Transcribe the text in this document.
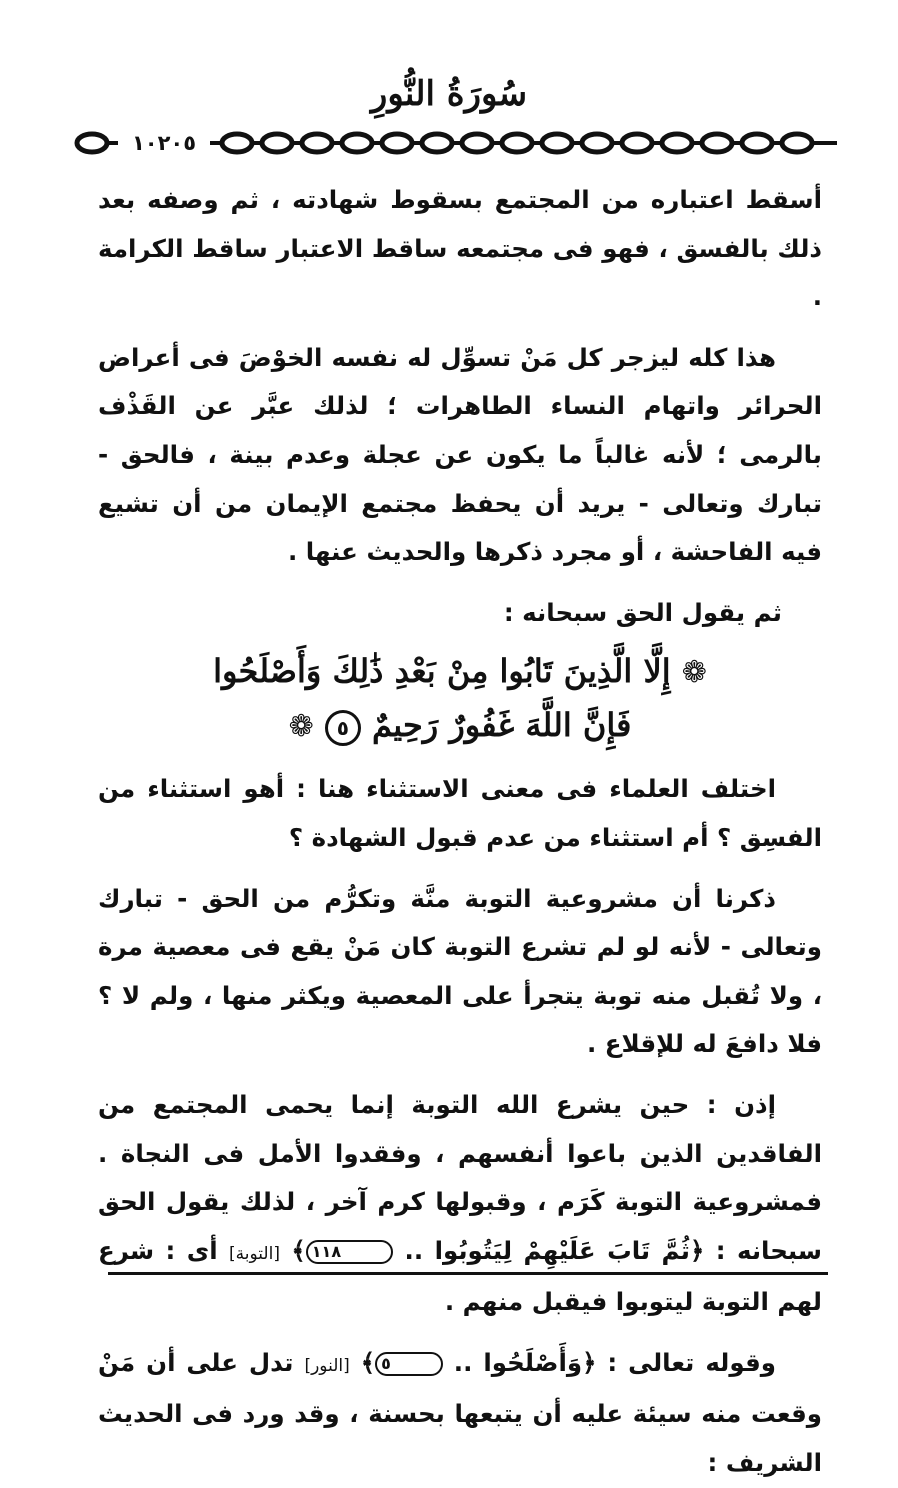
سُورَةُ النُّورِ
١٠٢٠٥

أسقط اعتباره من المجتمع بسقوط شهادته ، ثم وصفه بعد ذلك بالفسق ، فهو فى مجتمعه ساقط الاعتبار ساقط الكرامة .

هذا كله ليزجر كل مَنْ تسوِّل له نفسه الخوْضَ فى أعراض الحرائر واتهام النساء الطاهرات ؛ لذلك عبَّر عن القَذْف بالرمى ؛ لأنه غالباً ما يكون عن عجلة وعدم بينة ، فالحق - تبارك وتعالى - يريد أن يحفظ مجتمع الإيمان من أن تشيع فيه الفاحشة ، أو مجرد ذكرها والحديث عنها .

ثم يقول الحق سبحانه :

❁ إِلَّا الَّذِينَ تَابُوا مِنْ بَعْدِ ذَٰلِكَ وَأَصْلَحُوا
فَإِنَّ اللَّهَ غَفُورٌ رَحِيمٌ ٥ ❁

اختلف العلماء فى معنى الاستثناء هنا : أهو استثناء من الفسِق ؟ أم استثناء من عدم قبول الشهادة ؟

ذكرنا أن مشروعية التوبة منَّة وتكرُّم من الحق - تبارك وتعالى - لأنه لو لم تشرع التوبة كان مَنْ يقع فى معصية مرة ، ولا تُقبل منه توبة يتجرأ على المعصية ويكثر منها ، ولم لا ؟ فلا دافعَ له للإقلاع .

إذن : حين يشرع الله التوبة إنما يحمى المجتمع من الفاقدين الذين باعوا أنفسهم ، وفقدوا الأمل فى النجاة . فمشروعية التوبة كَرَم ، وقبولها كرم آخر ، لذلك يقول الحق سبحانه : ﴿ثُمَّ تَابَ عَلَيْهِمْ لِيَتُوبُوا .. ١١٨﴾ [التوبة] أى : شرع لهم التوبة ليتوبوا فيقبل منهم .

وقوله تعالى : ﴿وَأَصْلَحُوا .. ٥﴾ [النور] تدل على أن مَنْ وقعت منه سيئة عليه أن يتبعها بحسنة ، وقد ورد فى الحديث الشريف :
